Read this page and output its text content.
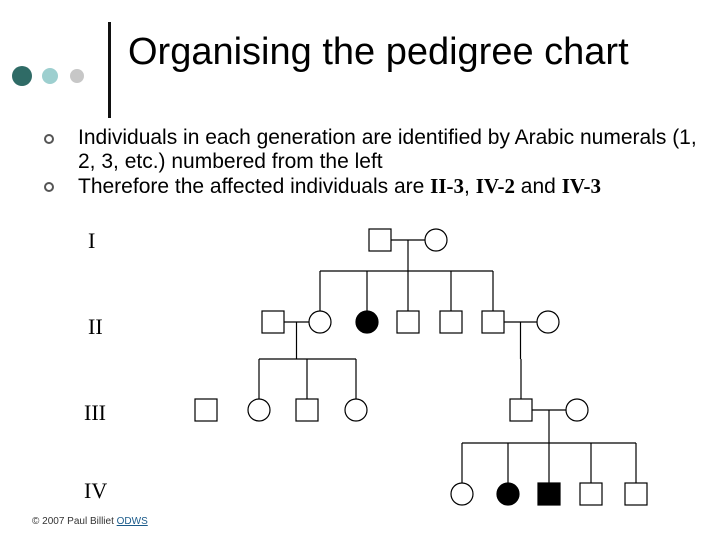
Organising the pedigree chart
Individuals in each generation are identified by Arabic numerals (1, 2, 3, etc.) numbered from the left
Therefore the affected individuals are II-3, IV-2 and IV-3
I
II
III
IV
© 2007 Paul Billiet ODWS
